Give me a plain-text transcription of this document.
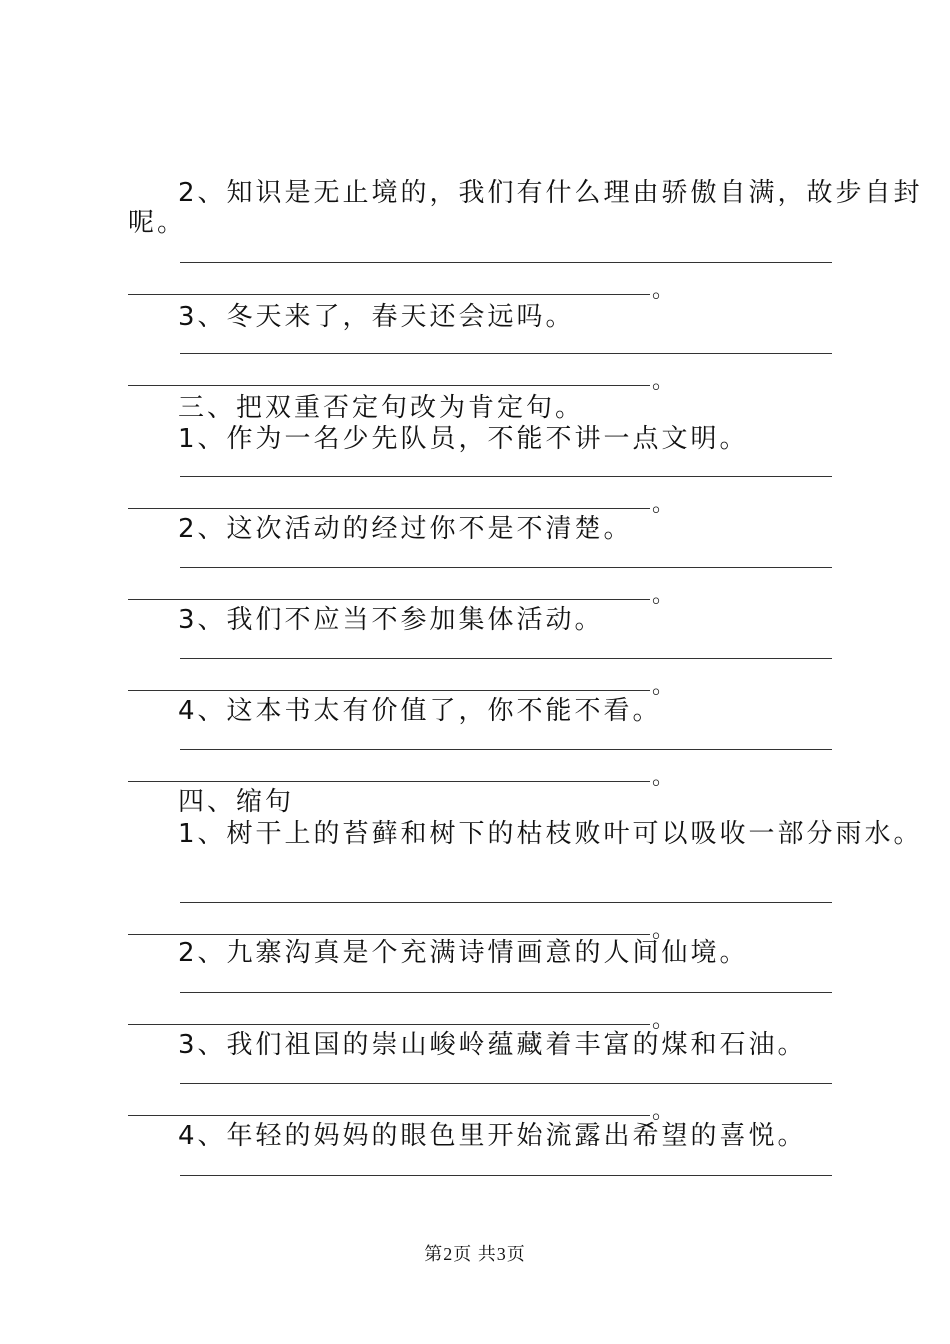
2、知识是无止境的，我们有什么理由骄傲自满，故步自封
呢。
。
3、冬天来了，春天还会远吗。
。
三、把双重否定句改为肯定句。
1、作为一名少先队员，不能不讲一点文明。
。
2、这次活动的经过你不是不清楚。
。
3、我们不应当不参加集体活动。
。
4、这本书太有价值了，你不能不看。
。
四、缩句
1、树干上的苔藓和树下的枯枝败叶可以吸收一部分雨水。
。
2、九寨沟真是个充满诗情画意的人间仙境。
。
3、我们祖国的崇山峻岭蕴藏着丰富的煤和石油。
。
4、年轻的妈妈的眼色里开始流露出希望的喜悦。
第2页 共3页
